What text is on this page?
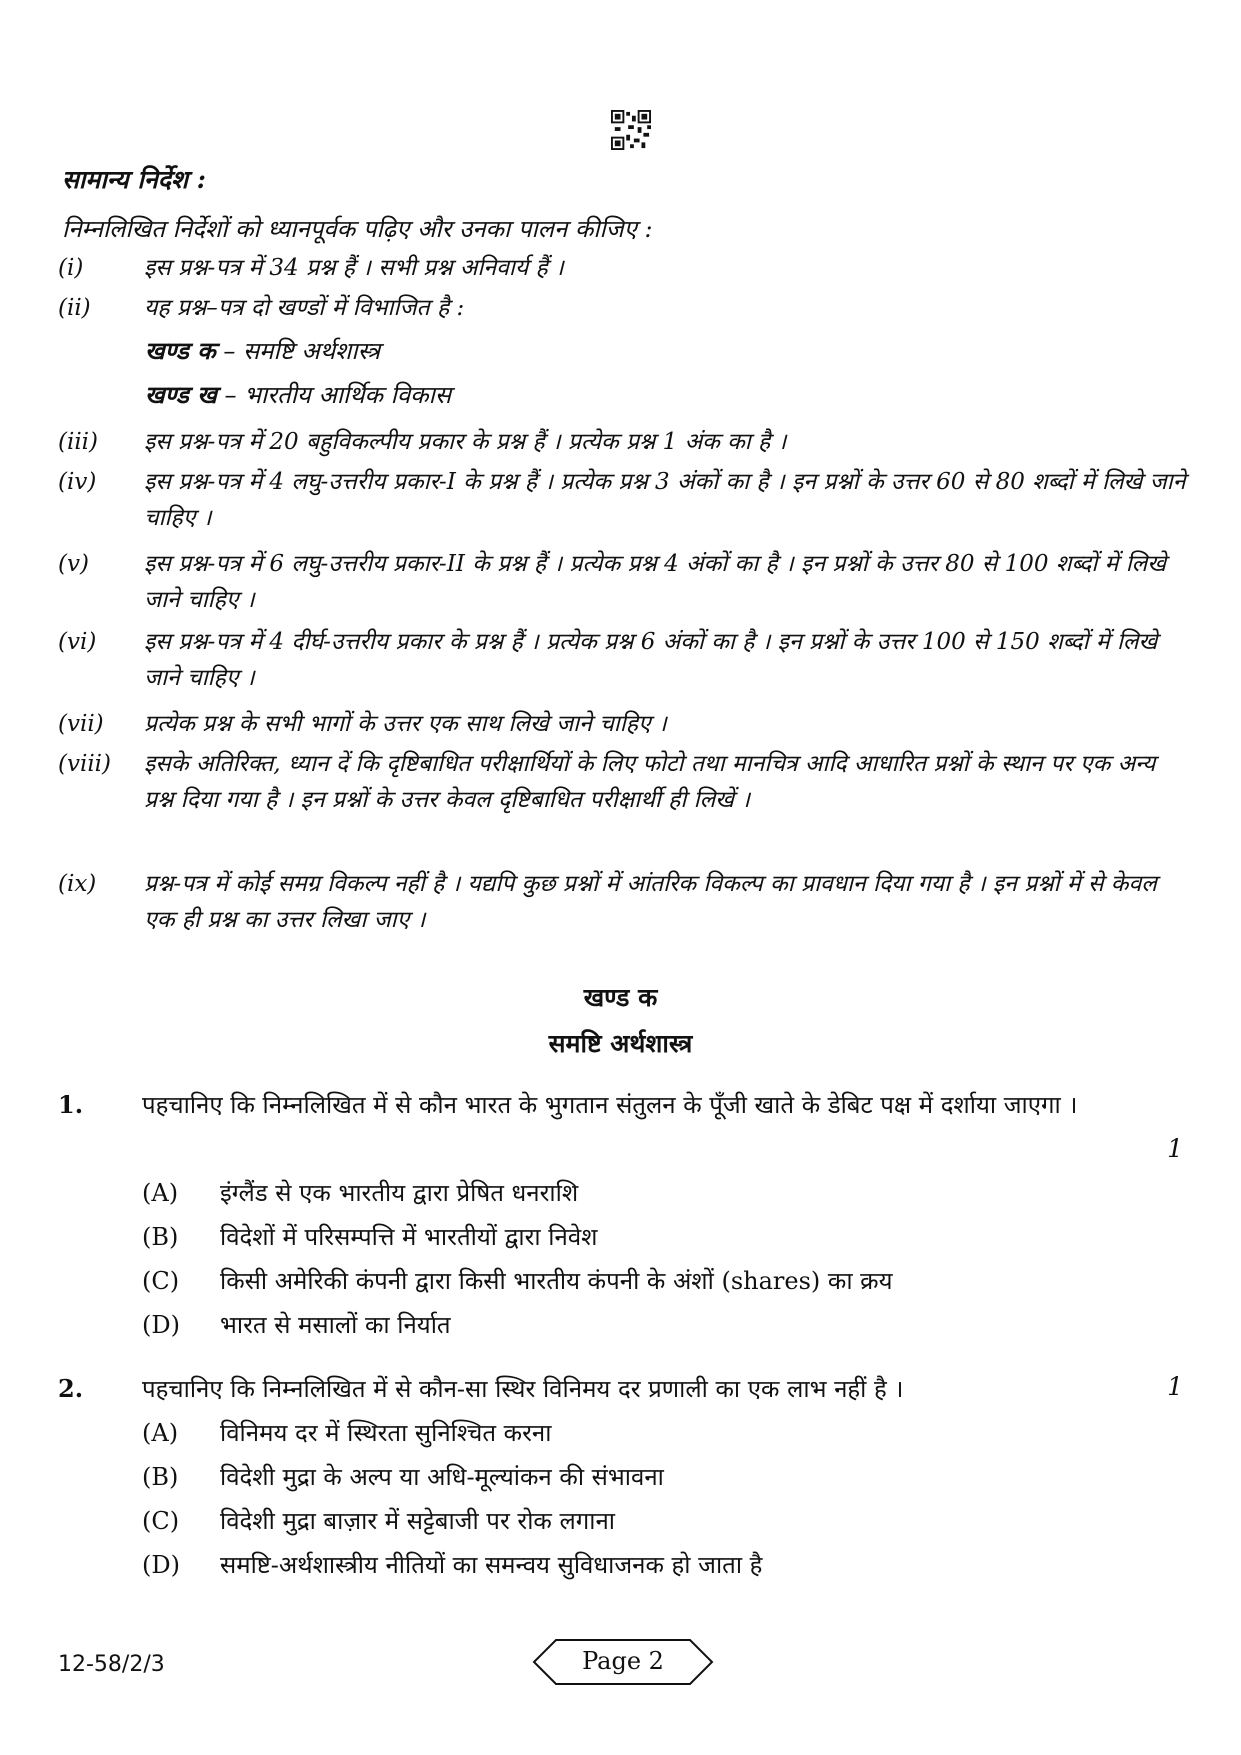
सामान्य निर्देश :
निम्नलिखित निर्देशों को ध्यानपूर्वक पढ़िए और उनका पालन कीजिए :
(i)	इस प्रश्न-पत्र में 34 प्रश्न हैं । सभी प्रश्न अनिवार्य हैं ।
(ii)	यह प्रश्न–पत्र दो खण्डों में विभाजित है :
खण्ड क – समष्टि अर्थशास्त्र
खण्ड ख – भारतीय आर्थिक विकास
(iii)	इस प्रश्न-पत्र में 20 बहुविकल्पीय प्रकार के प्रश्न हैं । प्रत्येक प्रश्न 1 अंक का है ।
(iv)	इस प्रश्न-पत्र में 4 लघु-उत्तरीय प्रकार-I के प्रश्न हैं । प्रत्येक प्रश्न 3 अंकों का है । इन प्रश्नों के उत्तर 60 से 80 शब्दों में लिखे जाने चाहिए ।
(v)	इस प्रश्न-पत्र में 6 लघु-उत्तरीय प्रकार-II के प्रश्न हैं । प्रत्येक प्रश्न 4 अंकों का है । इन प्रश्नों के उत्तर 80 से 100 शब्दों में लिखे जाने चाहिए ।
(vi)	इस प्रश्न-पत्र में 4 दीर्घ-उत्तरीय प्रकार के प्रश्न हैं । प्रत्येक प्रश्न 6 अंकों का है । इन प्रश्नों के उत्तर 100 से 150 शब्दों में लिखे जाने चाहिए ।
(vii)	प्रत्येक प्रश्न के सभी भागों के उत्तर एक साथ लिखे जाने चाहिए ।
(viii)	इसके अतिरिक्त, ध्यान दें कि दृष्टिबाधित परीक्षार्थियों के लिए फोटो तथा मानचित्र आदि आधारित प्रश्नों के स्थान पर एक अन्य प्रश्न दिया गया है । इन प्रश्नों के उत्तर केवल दृष्टिबाधित परीक्षार्थी ही लिखें ।
(ix)	प्रश्न-पत्र में कोई समग्र विकल्प नहीं है । यद्यपि कुछ प्रश्नों में आंतरिक विकल्प का प्रावधान दिया गया है । इन प्रश्नों में से केवल एक ही प्रश्न का उत्तर लिखा जाए ।
खण्ड क
समष्टि अर्थशास्त्र
1. पहचानिए कि निम्नलिखित में से कौन भारत के भुगतान संतुलन के पूँजी खाते के डेबिट पक्ष में दर्शाया जाएगा ।
1
(A) इंग्लैंड से एक भारतीय द्वारा प्रेषित धनराशि
(B) विदेशों में परिसम्पत्ति में भारतीयों द्वारा निवेश
(C) किसी अमेरिकी कंपनी द्वारा किसी भारतीय कंपनी के अंशों (shares) का क्रय
(D) भारत से मसालों का निर्यात
2. पहचानिए कि निम्नलिखित में से कौन-सा स्थिर विनिमय दर प्रणाली का एक लाभ नहीं है ।	1
(A) विनिमय दर में स्थिरता सुनिश्चित करना
(B) विदेशी मुद्रा के अल्प या अधि-मूल्यांकन की संभावना
(C) विदेशी मुद्रा बाज़ार में सट्टेबाजी पर रोक लगाना
(D) समष्टि-अर्थशास्त्रीय नीतियों का समन्वय सुविधाजनक हो जाता है
12-58/2/3	Page 2
